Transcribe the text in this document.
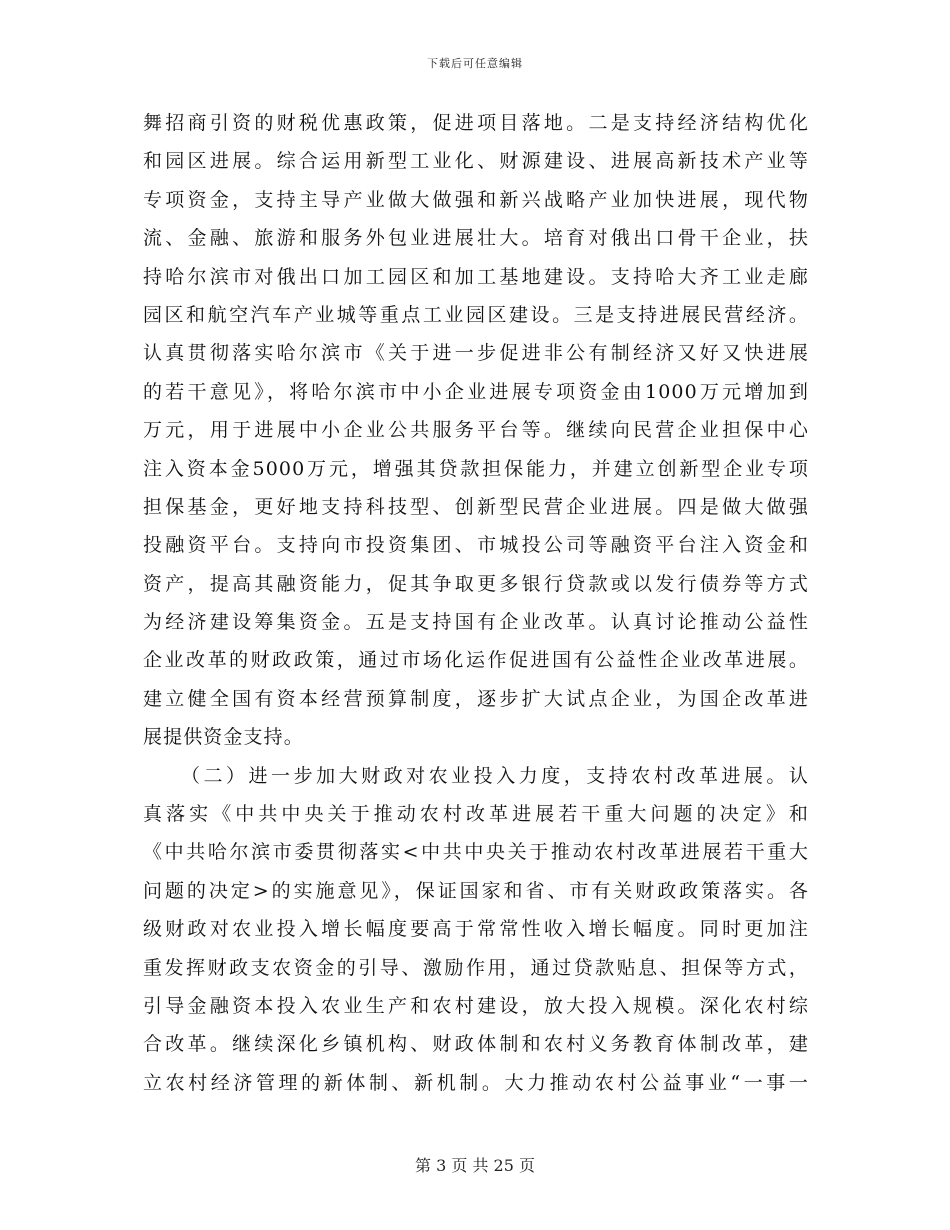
下载后可任意编辑
舞招商引资的财税优惠政策，促进项目落地。二是支持经济结构优化
和园区进展。综合运用新型工业化、财源建设、进展高新技术产业等
专项资金，支持主导产业做大做强和新兴战略产业加快进展，现代物
流、金融、旅游和服务外包业进展壮大。培育对俄出口骨干企业，扶
持哈尔滨市对俄出口加工园区和加工基地建设。支持哈大齐工业走廊
园区和航空汽车产业城等重点工业园区建设。三是支持进展民营经济。
认真贯彻落实哈尔滨市《关于进一步促进非公有制经济又好又快进展
的若干意见》，将哈尔滨市中小企业进展专项资金由1000万元增加到
万元，用于进展中小企业公共服务平台等。继续向民营企业担保中心
注入资本金5000万元，增强其贷款担保能力，并建立创新型企业专项
担保基金，更好地支持科技型、创新型民营企业进展。四是做大做强
投融资平台。支持向市投资集团、市城投公司等融资平台注入资金和
资产，提高其融资能力，促其争取更多银行贷款或以发行债券等方式
为经济建设筹集资金。五是支持国有企业改革。认真讨论推动公益性
企业改革的财政政策，通过市场化运作促进国有公益性企业改革进展。
建立健全国有资本经营预算制度，逐步扩大试点企业，为国企改革进
展提供资金支持。
（二）进一步加大财政对农业投入力度，支持农村改革进展。认
真落实《中共中央关于推动农村改革进展若干重大问题的决定》和
《中共哈尔滨市委贯彻落实<中共中央关于推动农村改革进展若干重大
问题的决定>的实施意见》，保证国家和省、市有关财政政策落实。各
级财政对农业投入增长幅度要高于常常性收入增长幅度。同时更加注
重发挥财政支农资金的引导、激励作用，通过贷款贴息、担保等方式，
引导金融资本投入农业生产和农村建设，放大投入规模。深化农村综
合改革。继续深化乡镇机构、财政体制和农村义务教育体制改革，建
立农村经济管理的新体制、新机制。大力推动农村公益事业“一事一
第 3 页 共 25 页
